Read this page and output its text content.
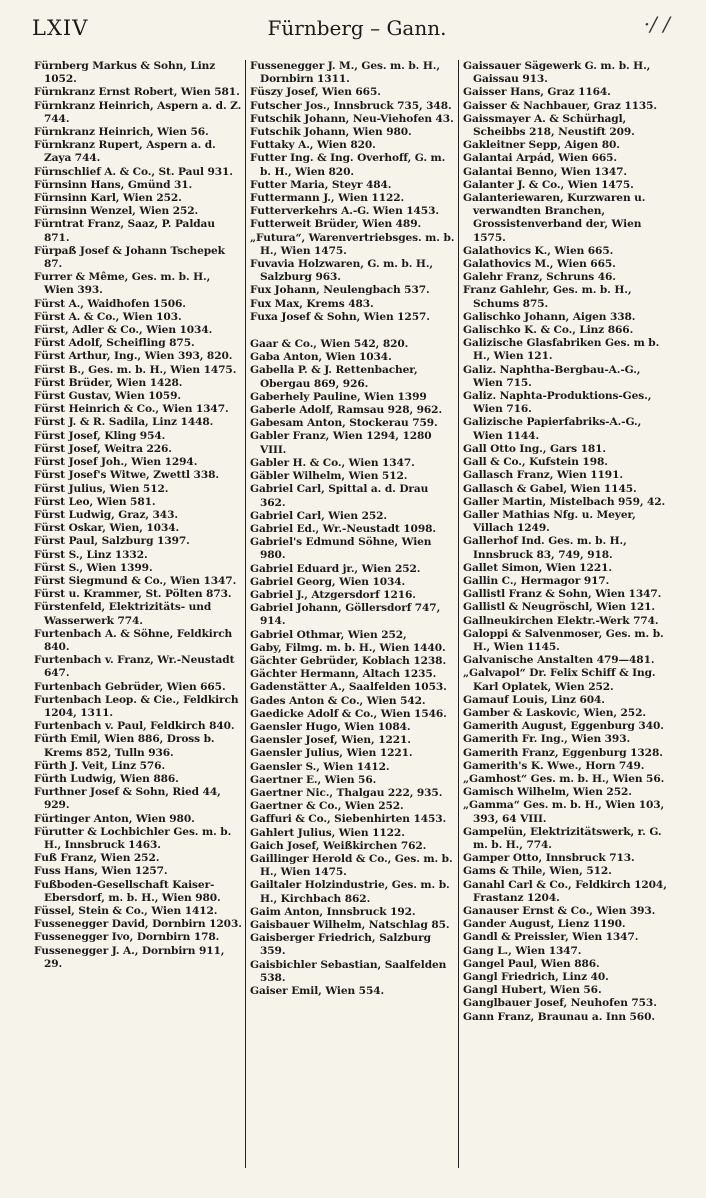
LXIV	Fürnberg – Gann.	·/ /
Fürnberg Markus & Sohn, Linz 1052.
Fürnkranz Ernst Robert, Wien 581.
Fürnkranz Heinrich, Aspern a. d. Z. 744.
Fürnkranz Heinrich, Wien 56.
Fürnkranz Rupert, Aspern a. d. Zaya 744.
Fürnschlief A. & Co., St. Paul 931.
Fürnsinn Hans, Gmünd 31.
Fürnsinn Karl, Wien 252.
Fürnsinn Wenzel, Wien 252.
Fürntrat Franz, Saaz, P. Paldau 871.
Fürpaß Josef & Johann Tschepek 87.
Furrer & Même, Ges. m. b. H., Wien 393.
Fürst A., Waidhofen 1506.
Fürst A. & Co., Wien 103.
Fürst, Adler & Co., Wien 1034.
Fürst Adolf, Scheifling 875.
Fürst Arthur, Ing., Wien 393, 820.
Fürst B., Ges. m. b. H., Wien 1475.
Fürst Brüder, Wien 1428.
Fürst Gustav, Wien 1059.
Fürst Heinrich & Co., Wien 1347.
Fürst J. & R. Sadila, Linz 1448.
Fürst Josef, Kling 954.
Fürst Josef, Weitra 226.
Fürst Josef Joh., Wien 1294.
Fürst Josef's Witwe, Zwettl 338.
Fürst Julius, Wien 512.
Fürst Leo, Wien 581.
Fürst Ludwig, Graz, 343.
Fürst Oskar, Wien, 1034.
Fürst Paul, Salzburg 1397.
Fürst S., Linz 1332.
Fürst S., Wien 1399.
Fürst Siegmund & Co., Wien 1347.
Fürst u. Krammer, St. Pölten 873.
Fürstenfeld, Elektrizitäts- und Wasserwerk 774.
Furtenbach A. & Söhne, Feldkirch 840.
Furtenbach v. Franz, Wr.-Neustadt 647.
Furtenbach Gebrüder, Wien 665.
Furtenbach Leop. & Cie., Feldkirch 1204, 1311.
Furtenbach v. Paul, Feldkirch 840.
Fürth Emil, Wien 886, Dross b. Krems 852, Tulln 936.
Fürth J. Veit, Linz 576.
Fürth Ludwig, Wien 886.
Furthner Josef & Sohn, Ried 44, 929.
Fürtinger Anton, Wien 980.
Fürutter & Lochbichler Ges. m. b. H., Innsbruck 1463.
Fuß Franz, Wien 252.
Fuss Hans, Wien 1257.
Fußboden-Gesellschaft Kaiser-Ebersdorf, m. b. H., Wien 980.
Füssel, Stein & Co., Wien 1412.
Fussenegger David, Dornbirn 1203.
Fussenegger Ivo, Dornbirn 178.
Fussenegger J. A., Dornbirn 911, 29.
Fussenegger J. M., Ges. m. b. H., Dornbirn 1311.
Füszy Josef, Wien 665.
Futscher Jos., Innsbruck 735, 348.
Futschik Johann, Neu-Viehofen 43.
Futschik Johann, Wien 980.
Futtaky A., Wien 820.
Futter Ing. & Ing. Overhoff, G. m. b. H., Wien 820.
Futter Maria, Steyr 484.
Futtermann J., Wien 1122.
Futterverkehrs A.-G. Wien 1453.
Futterweit Brüder, Wien 489.
„Futura“, Warenvertriebsges. m. b. H., Wien 1475.
Fuvavia Holzwaren, G. m. b. H., Salzburg 963.
Fux Johann, Neulengbach 537.
Fux Max, Krems 483.
Fuxa Josef & Sohn, Wien 1257.
Gaar & Co., Wien 542, 820.
Gaba Anton, Wien 1034.
Gabella P. & J. Rettenbacher, Obergau 869, 926.
Gaberhely Pauline, Wien 1399
Gaberle Adolf, Ramsau 928, 962.
Gabesam Anton, Stockerau 759.
Gabler Franz, Wien 1294, 1280 VIII.
Gabler H. & Co., Wien 1347.
Gäbler Wilhelm, Wien 512.
Gabriel Carl, Spittal a. d. Drau 362.
Gabriel Carl, Wien 252.
Gabriel Ed., Wr.-Neustadt 1098.
Gabriel's Edmund Söhne, Wien 980.
Gabriel Eduard jr., Wien 252.
Gabriel Georg, Wien 1034.
Gabriel J., Atzgersdorf 1216.
Gabriel Johann, Göllersdorf 747, 914.
Gabriel Othmar, Wien 252,
Gaby, Filmg. m. b. H., Wien 1440.
Gächter Gebrüder, Koblach 1238.
Gächter Hermann, Altach 1235.
Gadenstätter A., Saalfelden 1053.
Gades Anton & Co., Wien 542.
Gaedicke Adolf & Co., Wien 1546.
Gaensler Hugo, Wien 1084.
Gaensler Josef, Wien, 1221.
Gaensler Julius, Wien 1221.
Gaensler S., Wien 1412.
Gaertner E., Wien 56.
Gaertner Nic., Thalgau 222, 935.
Gaertner & Co., Wien 252.
Gaffuri & Co., Siebenhirten 1453.
Gahlert Julius, Wien 1122.
Gaich Josef, Weißkirchen 762.
Gaillinger Herold & Co., Ges. m. b. H., Wien 1475.
Gailtaler Holzindustrie, Ges. m. b. H., Kirchbach 862.
Gaim Anton, Innsbruck 192.
Gaisbauer Wilhelm, Natschlag 85.
Gaisberger Friedrich, Salzburg 359.
Gaisbichler Sebastian, Saalfelden 538.
Gaiser Emil, Wien 554.
Gaissauer Sägewerk G. m. b. H., Gaissau 913.
Gaisser Hans, Graz 1164.
Gaisser & Nachbauer, Graz 1135.
Gaissmayer A. & Schürhagl, Scheibbs 218, Neustift 209.
Gakleitner Sepp, Aigen 80.
Galantai Arpád, Wien 665.
Galantai Benno, Wien 1347.
Galanter J. & Co., Wien 1475.
Galanteriewaren, Kurzwaren u. verwandten Branchen, Grossistenverband der, Wien 1575.
Galathovics K., Wien 665.
Galathovics M., Wien 665.
Galehr Franz, Schruns 46.
Franz Gahlehr, Ges. m. b. H., Schums 875.
Galischko Johann, Aigen 338.
Galischko K. & Co., Linz 866.
Galizische Glasfabriken Ges. m b. H., Wien 121.
Galiz. Naphtha-Bergbau-A.-G., Wien 715.
Galiz. Naphta-Produktions-Ges., Wien 716.
Galizische Papierfabriks-A.-G., Wien 1144.
Gall Otto Ing., Gars 181.
Gall & Co., Kufstein 198.
Gallasch Franz, Wien 1191.
Gallasch & Gabel, Wien 1145.
Galler Martin, Mistelbach 959, 42.
Galler Mathias Nfg. u. Meyer, Villach 1249.
Gallerhof Ind. Ges. m. b. H., Innsbruck 83, 749, 918.
Gallet Simon, Wien 1221.
Gallin C., Hermagor 917.
Gallistl Franz & Sohn, Wien 1347.
Gallistl & Neugröschl, Wien 121.
Gallneukirchen Elektr.-Werk 774.
Galoppi & Salvenmoser, Ges. m. b. H., Wien 1145.
Galvanische Anstalten 479—481.
„Galvapol“ Dr. Felix Schiff & Ing. Karl Oplatek, Wien 252.
Gamauf Louis, Linz 604.
Gamber & Laskovic, Wien, 252.
Gamerith August, Eggenburg 340.
Gamerith Fr. Ing., Wien 393.
Gamerith Franz, Eggenburg 1328.
Gamerith's K. Wwe., Horn 749.
„Gamhost“ Ges. m. b. H., Wien 56.
Gamisch Wilhelm, Wien 252.
„Gamma“ Ges. m. b. H., Wien 103, 393, 64 VIII.
Gampelün, Elektrizitätswerk, r. G. m. b. H., 774.
Gamper Otto, Innsbruck 713.
Gams & Thile, Wien, 512.
Ganahl Carl & Co., Feldkirch 1204, Frastanz 1204.
Ganauser Ernst & Co., Wien 393.
Gander August, Lienz 1190.
Gandl & Preissler, Wien 1347.
Gang L., Wien 1347.
Gangel Paul, Wien 886.
Gangl Friedrich, Linz 40.
Gangl Hubert, Wien 56.
Ganglbauer Josef, Neuhofen 753.
Gann Franz, Braunau a. Inn 560.
